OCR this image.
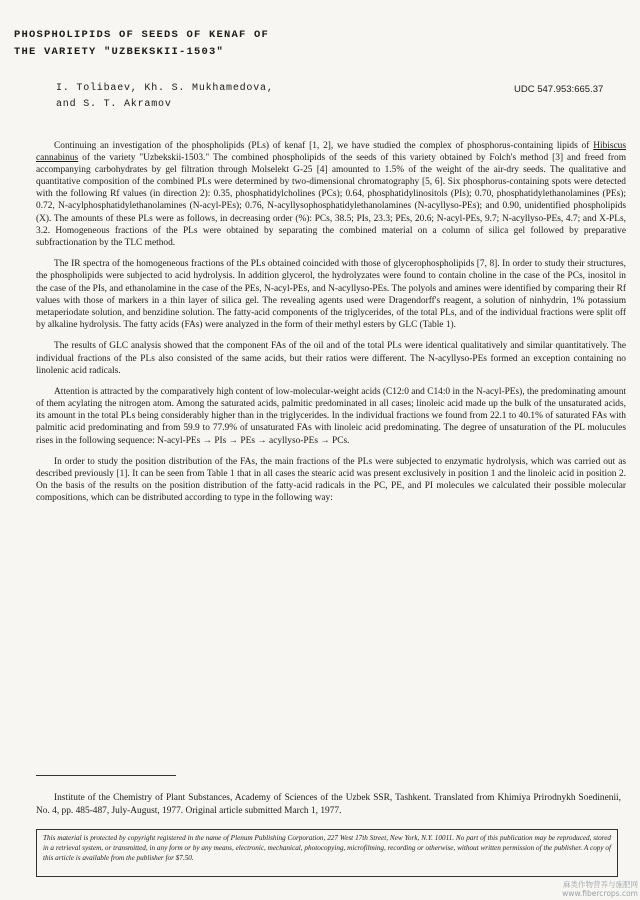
PHOSPHOLIPIDS OF SEEDS OF KENAF OF
THE VARIETY "UZBEKSKII-1503"
I. Tolibaev, Kh. S. Mukhamedova,
and S. T. Akramov
UDC 547.953:665.37

Continuing an investigation of the phospholipids (PLs) of kenaf [1, 2], we have studied the complex of phosphorus-containing lipids of Hibiscus cannabinus of the variety "Uzbekskii-1503." The combined phospholipids of the seeds of this variety obtained by Folch's method [3] and freed from accompanying carbohydrates by gel filtration through Molselekt G-25 [4] amounted to 1.5% of the weight of the air-dry seeds. The qualitative and quantitative composition of the combined PLs were determined by two-dimensional chromatography [5, 6]. Six phosphorus-containing spots were detected with the following Rf values (in direction 2): 0.35, phosphatidylcholines (PCs); 0.64, phosphatidylinositols (PIs); 0.70, phosphatidylethanolamines (PEs); 0.72, N-acylphosphatidylethanolamines (N-acyl-PEs); 0.76, N-acyllysophosphatidylethanolamines (N-acyllyso-PEs); and 0.90, unidentified phospholipids (X). The amounts of these PLs were as follows, in decreasing order (%): PCs, 38.5; PIs, 23.3; PEs, 20.6; N-acyl-PEs, 9.7; N-acyllyso-PEs, 4.7; and X-PLs, 3.2. Homogeneous fractions of the PLs were obtained by separating the combined material on a column of silica gel followed by preparative subfractionation by the TLC method.

The IR spectra of the homogeneous fractions of the PLs obtained coincided with those of glycerophospholipids [7, 8]. In order to study their structures, the phospholipids were subjected to acid hydrolysis. In addition glycerol, the hydrolyzates were found to contain choline in the case of the PCs, inositol in the case of the PIs, and ethanolamine in the case of the PEs, N-acyl-PEs, and N-acyllyso-PEs. The polyols and amines were identified by comparing their Rf values with those of markers in a thin layer of silica gel. The revealing agents used were Dragendorff's reagent, a solution of ninhydrin, 1% potassium metaperiodate solution, and benzidine solution. The fatty-acid components of the triglycerides, of the total PLs, and of the individual fractions were split off by alkaline hydrolysis. The fatty acids (FAs) were analyzed in the form of their methyl esters by GLC (Table 1).

The results of GLC analysis showed that the component FAs of the oil and of the total PLs were identical qualitatively and similar quantitatively. The individual fractions of the PLs also consisted of the same acids, but their ratios were different. The N-acyllyso-PEs formed an exception containing no linolenic acid radicals.

Attention is attracted by the comparatively high content of low-molecular-weight acids (C12:0 and C14:0 in the N-acyl-PEs), the predominating amount of them acylating the nitrogen atom. Among the saturated acids, palmitic predominated in all cases; linoleic acid made up the bulk of the unsaturated acids, its amount in the total PLs being considerably higher than in the triglycerides. In the individual fractions we found from 22.1 to 40.1% of saturated FAs with palmitic acid predominating and from 59.9 to 77.9% of unsaturated FAs with linoleic acid predominating. The degree of unsaturation of the PL molucules rises in the following sequence: N-acyl-PEs → PIs → PEs → acyllyso-PEs → PCs.

In order to study the position distribution of the FAs, the main fractions of the PLs were subjected to enzymatic hydrolysis, which was carried out as described previously [1]. It can be seen from Table 1 that in all cases the stearic acid was present exclusively in position 1 and the linoleic acid in position 2. On the basis of the results on the position distribution of the fatty-acid radicals in the PC, PE, and PI molecules we calculated their possible molecular compositions, which can be distributed according to type in the following way:

Institute of the Chemistry of Plant Substances, Academy of Sciences of the Uzbek SSR, Tashkent. Translated from Khimiya Prirodnykh Soedinenii, No. 4, pp. 485-487, July-August, 1977. Original article submitted March 1, 1977.
This material is protected by copyright registered in the name of Plenum Publishing Corporation, 227 West 17th Street, New York, N.Y. 10011. No part of this publication may be reproduced, stored in a retrieval system, or transmitted, in any form or by any means, electronic, mechanical, photocopying, microfilming, recording or otherwise, without written permission of the publisher. A copy of this article is available from the publisher for $7.50.
麻类作物营养与施肥网
www.fibercrops.com
